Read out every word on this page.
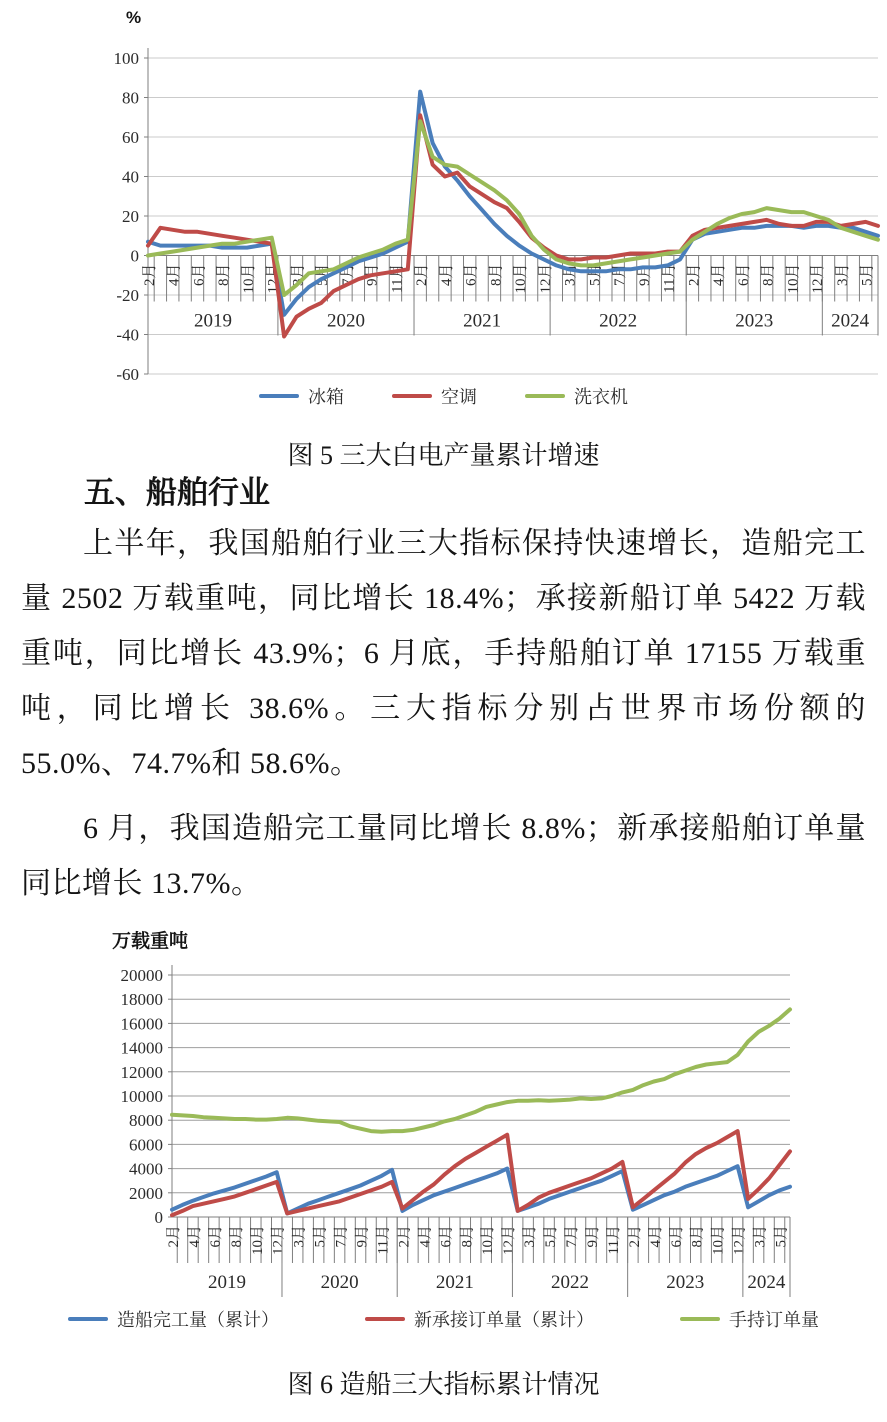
%
-60
-40
-20
0
20
40
60
80
100
2月 4月 6月 8月 10月 12月 3月 5月 7月 9月 11月 2月 4月 6月 8月 10月 12月 3月 5月 7月 9月 11月 2月 4月 6月 8月 10月 12月 3月 5月
2019	2020	2021	2022	2023	2024
冰箱	空调	洗衣机
图 5 三大白电产量累计增速
五、船舶行业

上半年，我国船舶行业三大指标保持快速增长，造船完工量 2502 万载重吨，同比增长 18.4%；承接新船订单 5422 万载重吨，同比增长 43.9%；6 月底，手持船舶订单 17155 万载重吨，同比增长 38.6%。三大指标分别占世界市场份额的 55.0%、74.7%和 58.6%。

6 月，我国造船完工量同比增长 8.8%；新承接船舶订单量同比增长 13.7%。

万载重吨
0
2000
4000
6000
8000
10000
12000
14000
16000
18000
20000
2月 4月 6月 8月 10月 12月 3月 5月 7月 9月 11月 2月 4月 6月 8月 10月 12月 3月 5月 7月 9月 11月 2月 4月 6月 8月 10月 12月 3月 5月
2019	2020	2021	2022	2023 2024
造船完工量（累计）	新承接订单量（累计）	手持订单量
图 6 造船三大指标累计情况
